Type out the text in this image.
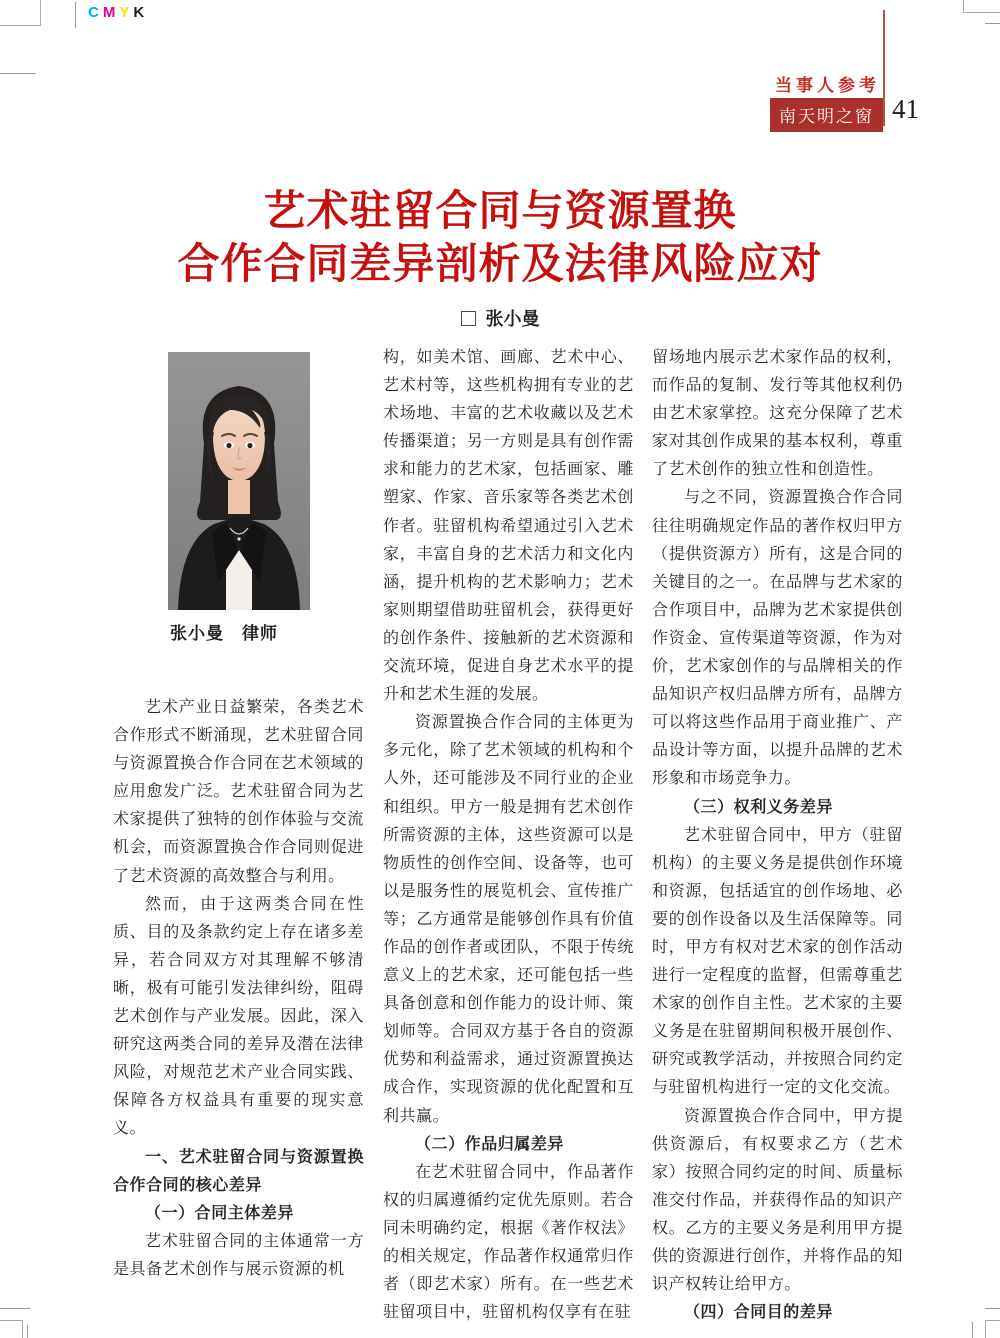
CMYK
当事人参考
南天明之窗 41
艺术驻留合同与资源置换
合作合同差异剖析及法律风险应对
张小曼
张小曼　律师

艺术产业日益繁荣，各类艺术合作形式不断涌现，艺术驻留合同与资源置换合作合同在艺术领域的应用愈发广泛。艺术驻留合同为艺术家提供了独特的创作体验与交流机会，而资源置换合作合同则促进了艺术资源的高效整合与利用。

然而，由于这两类合同在性质、目的及条款约定上存在诸多差异，若合同双方对其理解不够清晰，极有可能引发法律纠纷，阻碍艺术创作与产业发展。因此，深入研究这两类合同的差异及潜在法律风险，对规范艺术产业合同实践、保障各方权益具有重要的现实意义。

一、艺术驻留合同与资源置换合作合同的核心差异

（一）合同主体差异

艺术驻留合同的主体通常一方是具备艺术创作与展示资源的机

构，如美术馆、画廊、艺术中心、艺术村等，这些机构拥有专业的艺术场地、丰富的艺术收藏以及艺术传播渠道；另一方则是具有创作需求和能力的艺术家，包括画家、雕塑家、作家、音乐家等各类艺术创作者。驻留机构希望通过引入艺术家，丰富自身的艺术活力和文化内涵，提升机构的艺术影响力；艺术家则期望借助驻留机会，获得更好的创作条件、接触新的艺术资源和交流环境，促进自身艺术水平的提升和艺术生涯的发展。

资源置换合作合同的主体更为多元化，除了艺术领域的机构和个人外，还可能涉及不同行业的企业和组织。甲方一般是拥有艺术创作所需资源的主体，这些资源可以是物质性的创作空间、设备等，也可以是服务性的展览机会、宣传推广等；乙方通常是能够创作具有价值作品的创作者或团队，不限于传统意义上的艺术家，还可能包括一些具备创意和创作能力的设计师、策划师等。合同双方基于各自的资源优势和利益需求，通过资源置换达成合作，实现资源的优化配置和互利共赢。

（二）作品归属差异

在艺术驻留合同中，作品著作权的归属遵循约定优先原则。若合同未明确约定，根据《著作权法》的相关规定，作品著作权通常归作者（即艺术家）所有。在一些艺术驻留项目中，驻留机构仅享有在驻

留场地内展示艺术家作品的权利，而作品的复制、发行等其他权利仍由艺术家掌控。这充分保障了艺术家对其创作成果的基本权利，尊重了艺术创作的独立性和创造性。

与之不同，资源置换合作合同往往明确规定作品的著作权归甲方（提供资源方）所有，这是合同的关键目的之一。在品牌与艺术家的合作项目中，品牌为艺术家提供创作资金、宣传渠道等资源，作为对价，艺术家创作的与品牌相关的作品知识产权归品牌方所有，品牌方可以将这些作品用于商业推广、产品设计等方面，以提升品牌的艺术形象和市场竞争力。

（三）权利义务差异

艺术驻留合同中，甲方（驻留机构）的主要义务是提供创作环境和资源，包括适宜的创作场地、必要的创作设备以及生活保障等。同时，甲方有权对艺术家的创作活动进行一定程度的监督，但需尊重艺术家的创作自主性。艺术家的主要义务是在驻留期间积极开展创作、研究或教学活动，并按照合同约定与驻留机构进行一定的文化交流。

资源置换合作合同中，甲方提供资源后，有权要求乙方（艺术家）按照合同约定的时间、质量标准交付作品，并获得作品的知识产权。乙方的主要义务是利用甲方提供的资源进行创作，并将作品的知识产权转让给甲方。

（四）合同目的差异
